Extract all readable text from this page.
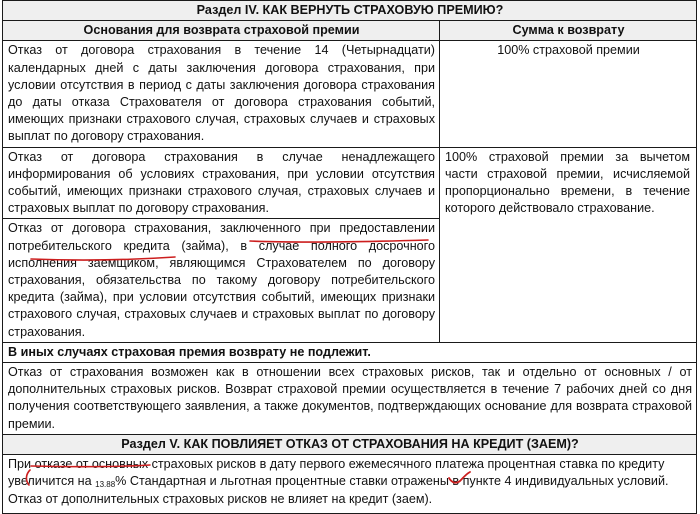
Раздел IV. КАК ВЕРНУТЬ СТРАХОВУЮ ПРЕМИЮ?	
Основания для возврата страховой премии	Сумма к возврату
Отказ от договора страхования в течение 14 (Четырнадцати) календарных дней с даты заключения договора страхования, при условии отсутствия в период с даты заключения договора страхования до даты отказа Страхователя от договора страхования событий, имеющих признаки страхового случая, страховых случаев и страховых выплат по договору страхования.	100% страховой премии
Отказ от договора страхования в случае ненадлежащего информирования об условиях страхования, при условии отсутствия событий, имеющих признаки страхового случая, страховых случаев и страховых выплат по договору страхования.	100% страховой премии за вычетом части страховой премии, исчисляемой пропорционально времени, в течение которого действовало страхование.
Отказ от договора страхования, заключенного при предоставлении потребительского кредита (займа), в случае полного досрочного исполнения заемщиком, являющимся Страхователем по договору страхования, обязательства по такому договору потребительского кредита (займа), при условии отсутствия событий, имеющих признаки страхового случая, страховых случаев и страховых выплат по договору страхования.	
В иных случаях страховая премия возврату не подлежит.	
Отказ от страхования возможен как в отношении всех страховых рисков, так и отдельно от основных / от дополнительных страховых рисков. Возврат страховой премии осуществляется в течение 7 рабочих дней со дня получения соответствующего заявления, а также документов, подтверждающих основание для возврата страховой премии.	
Раздел V. КАК ПОВЛИЯЕТ ОТКАЗ ОТ СТРАХОВАНИЯ НА КРЕДИТ (ЗАЕМ)?	

При отказе от основных страховых рисков в дату первого ежемесячного платежа процентная ставка по кредиту
увеличится на 13.88% Стандартная и льготная процентные ставки отражены в пункте 4 индивидуальных условий.
Отказ от дополнительных страховых рисков не влияет на кредит (заем).	
